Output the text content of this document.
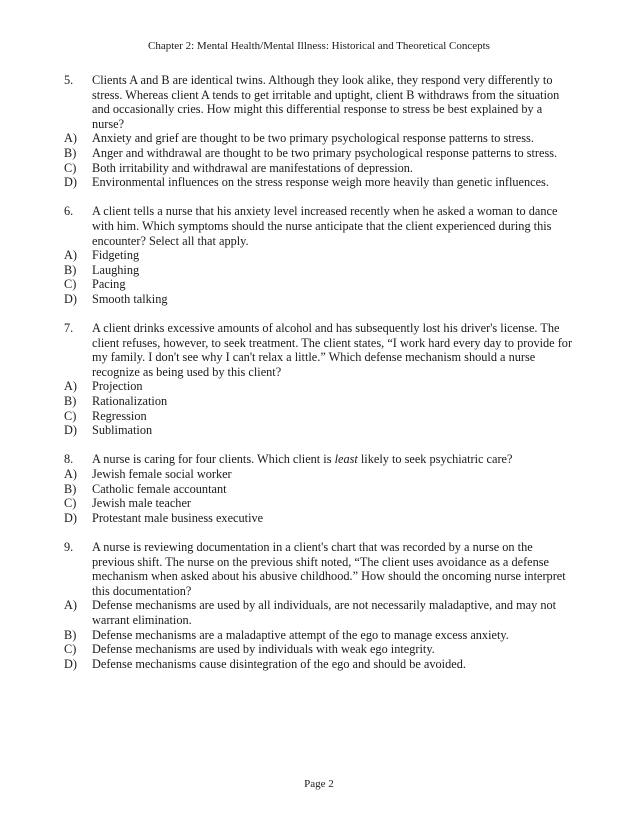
Chapter 2: Mental Health/Mental Illness: Historical and Theoretical Concepts
5.	Clients A and B are identical twins. Although they look alike, they respond very differently to stress. Whereas client A tends to get irritable and uptight, client B withdraws from the situation and occasionally cries. How might this differential response to stress be best explained by a nurse?
A)	Anxiety and grief are thought to be two primary psychological response patterns to stress.
B)	Anger and withdrawal are thought to be two primary psychological response patterns to stress.
C)	Both irritability and withdrawal are manifestations of depression.
D)	Environmental influences on the stress response weigh more heavily than genetic influences.
6.	A client tells a nurse that his anxiety level increased recently when he asked a woman to dance with him. Which symptoms should the nurse anticipate that the client experienced during this encounter? Select all that apply.
A)	Fidgeting
B)	Laughing
C)	Pacing
D)	Smooth talking
7.	A client drinks excessive amounts of alcohol and has subsequently lost his driver's license. The client refuses, however, to seek treatment. The client states, “I work hard every day to provide for my family. I don't see why I can't relax a little.” Which defense mechanism should a nurse recognize as being used by this client?
A)	Projection
B)	Rationalization
C)	Regression
D)	Sublimation
8.	A nurse is caring for four clients. Which client is least likely to seek psychiatric care?
A)	Jewish female social worker
B)	Catholic female accountant
C)	Jewish male teacher
D)	Protestant male business executive
9.	A nurse is reviewing documentation in a client's chart that was recorded by a nurse on the previous shift. The nurse on the previous shift noted, “The client uses avoidance as a defense mechanism when asked about his abusive childhood.” How should the oncoming nurse interpret this documentation?
A)	Defense mechanisms are used by all individuals, are not necessarily maladaptive, and may not warrant elimination.
B)	Defense mechanisms are a maladaptive attempt of the ego to manage excess anxiety.
C)	Defense mechanisms are used by individuals with weak ego integrity.
D)	Defense mechanisms cause disintegration of the ego and should be avoided.
Page 2
